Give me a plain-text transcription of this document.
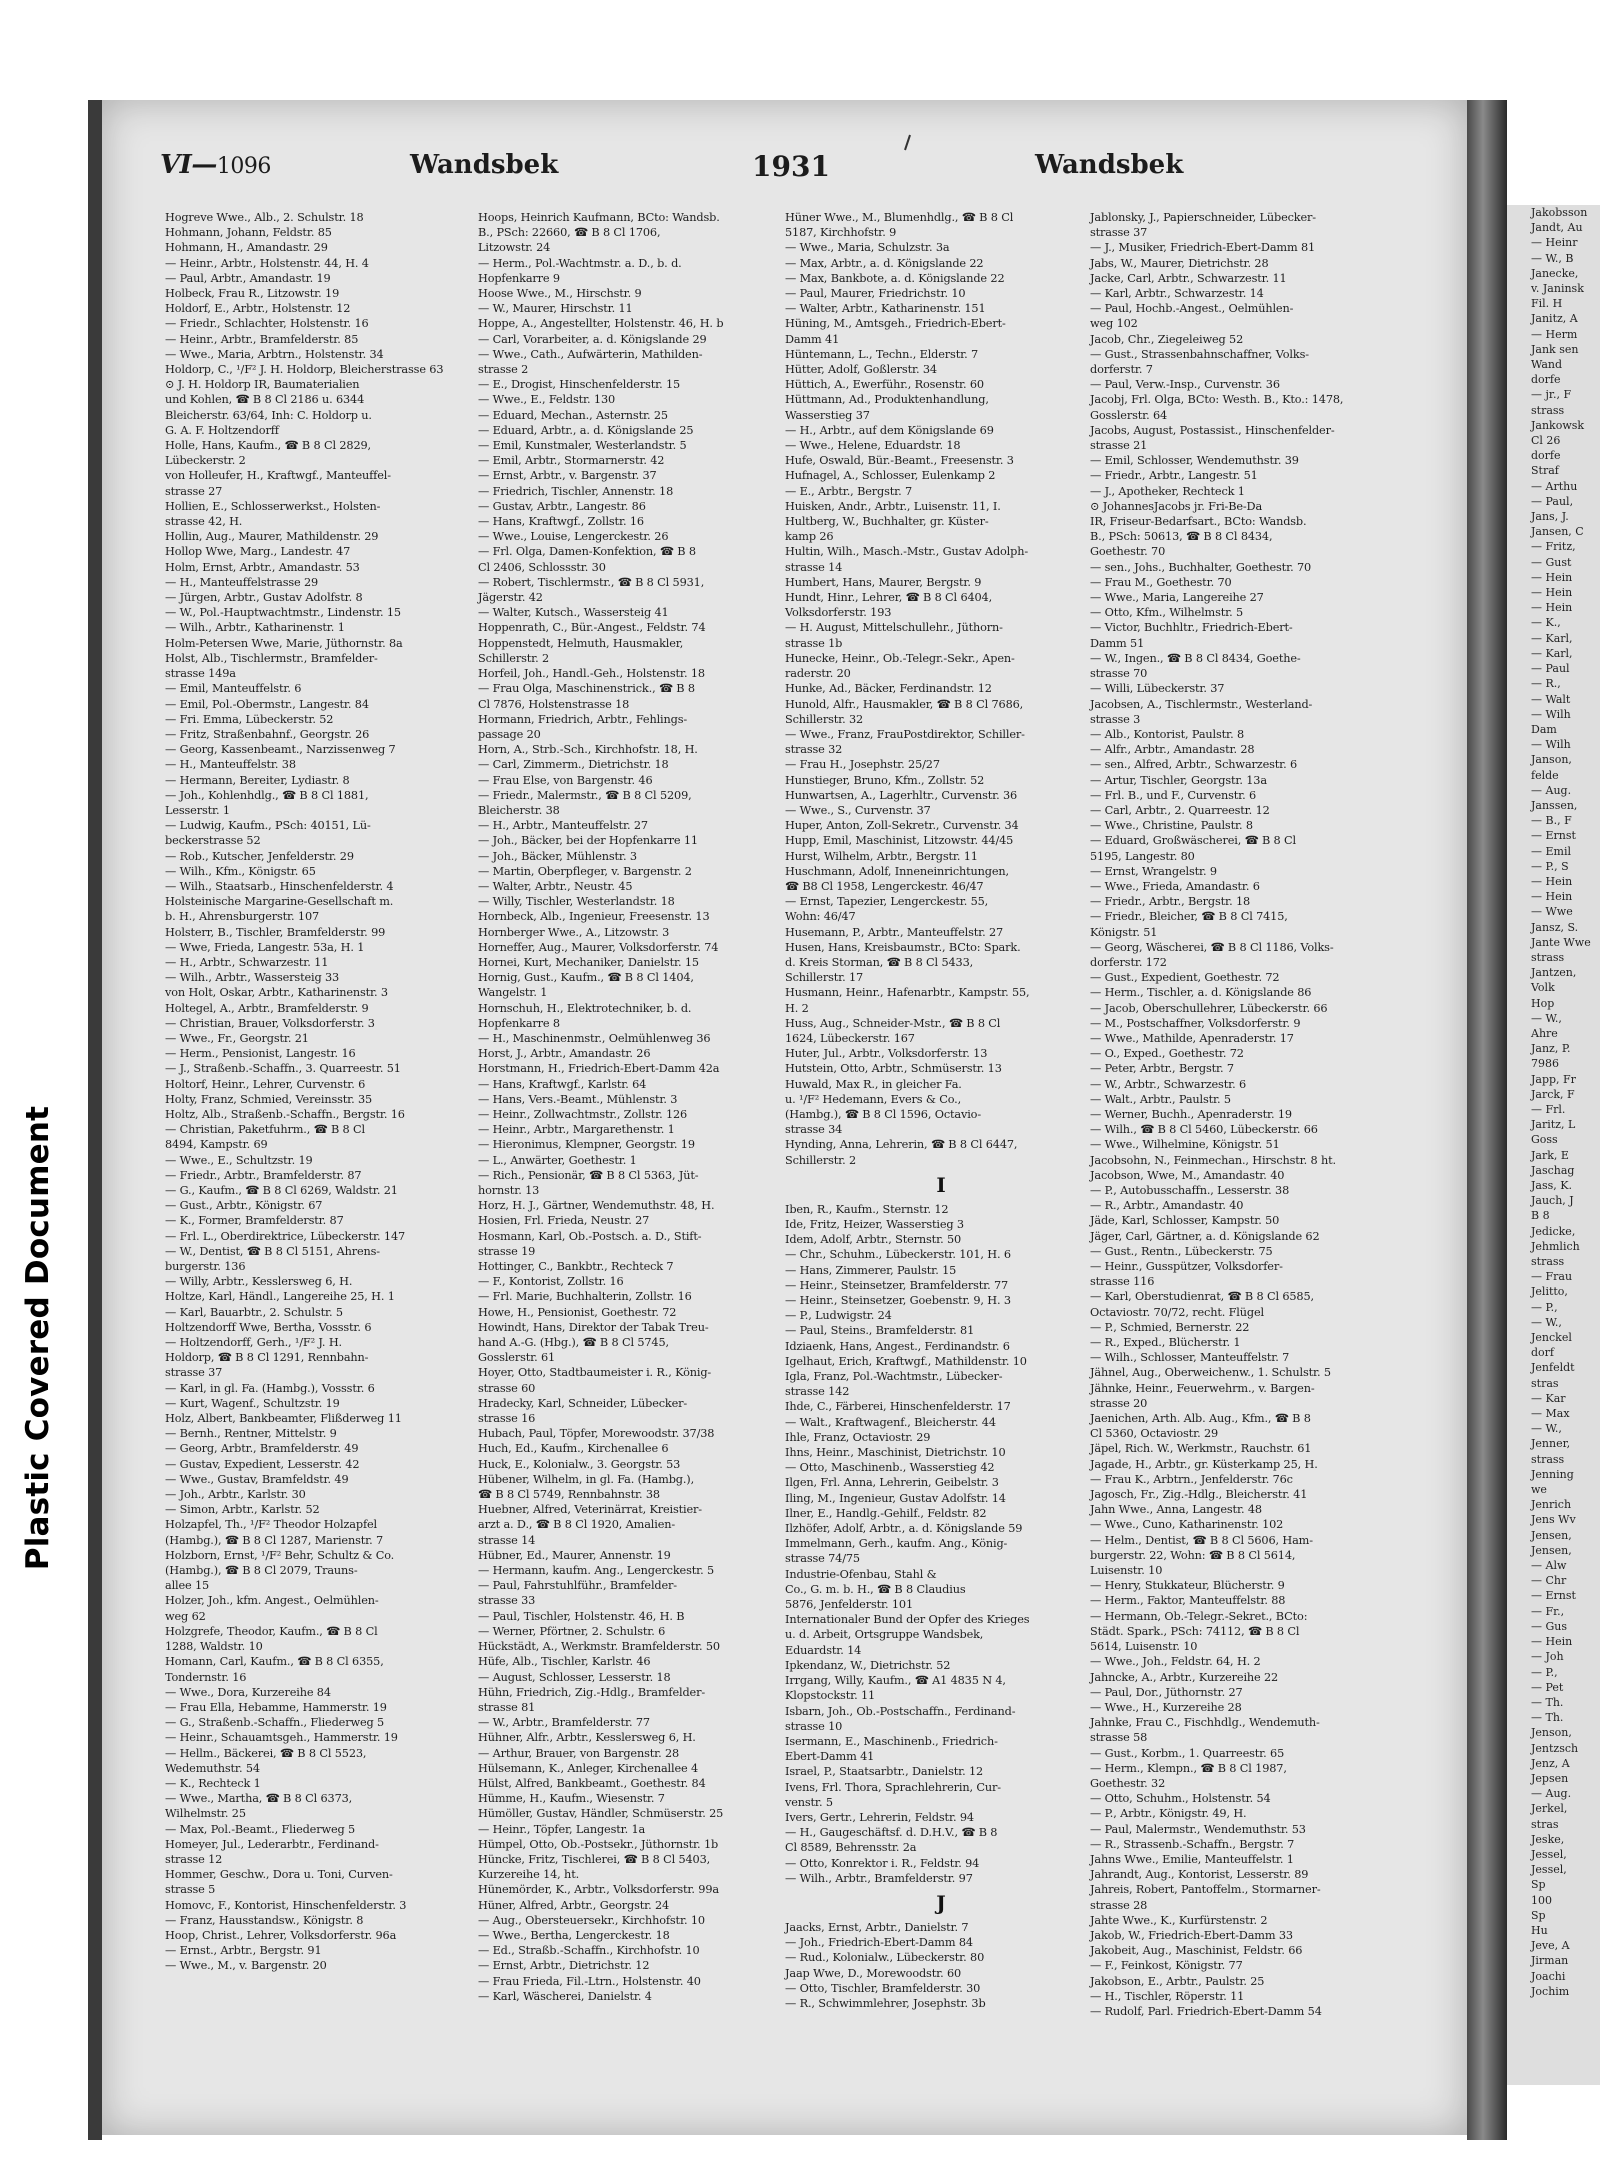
Jakobsson
Jandt, Au
— Heinr
— W., B
Janecke,
v. Janinsk
Fil. H
Janitz, A
— Herm
Jank sen
Wand
dorfe
— jr., F
strass
Jankowsk
Cl 26
dorfe
Straf
— Arthu
— Paul,
Jans, J.
Jansen, C
— Fritz,
— Gust
— Hein
— Hein
— Hein
— K.,
— Karl,
— Karl,
— Paul
— R.,
— Walt
— Wilh
Dam
— Wilh
Janson,
felde
— Aug.
Janssen,
— B., F
— Ernst
— Emil
— P., S
— Hein
— Hein
— Wwe
Jansz, S.
Jante Wwe
strass
Jantzen,
Volk
Hop
— W.,
Ahre
Janz, P.
7986
Japp, Fr
Jarck, F
— Frl.
Jaritz, L
Goss
Jark, E
Jaschag
Jass, K.
Jauch, J
B 8
Jedicke,
Jehmlich
strass
— Frau
Jelitto,
— P.,
— W.,
Jenckel
dorf
Jenfeldt
stras
— Kar
— Max
— W.,
Jenner,
strass
Jenning
we
Jenrich
Jens Wv
Jensen,
Jensen,
— Alw
— Chr
— Ernst
— Fr.,
— Gus
— Hein
— Joh
— P.,
— Pet
— Th.
— Th.
Jenson,
Jentzsch
Jenz, A
Jepsen
— Aug.
Jerkel,
stras
Jeske,
Jessel,
Jessel,
Sp
100
Sp
Hu
Jeve, A
Jirman
Joachi
Jochim
Plastic Covered Document
VI—1096	Wandsbek	1931	Wandsbek
Hogreve Wwe., Alb., 2. Schulstr. 18
Hohmann, Johann, Feldstr. 85
Hohmann, H., Amandastr. 29
— Heinr., Arbtr., Holstenstr. 44, H. 4
— Paul, Arbtr., Amandastr. 19
Holbeck, Frau R., Litzowstr. 19
Holdorf, E., Arbtr., Holstenstr. 12
— Friedr., Schlachter, Holstenstr. 16
— Heinr., Arbtr., Bramfelderstr. 85
— Wwe., Maria, Arbtrn., Holstenstr. 34
Holdorp, C., ¹/F² J. H. Holdorp, Bleicherstrasse 63
⊙ J. H. Holdorp IR, Baumaterialien
und Kohlen, ☎ B 8 Cl 2186 u. 6344
Bleicherstr. 63/64, Inh: C. Holdorp u.
G. A. F. Holtzendorff
Holle, Hans, Kaufm., ☎ B 8 Cl 2829,
Lübeckerstr. 2
von Holleufer, H., Kraftwgf., Manteuffel-
strasse 27
Hollien, E., Schlosserwerkst., Holsten-
strasse 42, H.
Hollin, Aug., Maurer, Mathildenstr. 29
Hollop Wwe, Marg., Landestr. 47
Holm, Ernst, Arbtr., Amandastr. 53
— H., Manteuffelstrasse 29
— Jürgen, Arbtr., Gustav Adolfstr. 8
— W., Pol.-Hauptwachtmstr., Lindenstr. 15
— Wilh., Arbtr., Katharinenstr. 1
Holm-Petersen Wwe, Marie, Jüthornstr. 8a
Holst, Alb., Tischlermstr., Bramfelder-
strasse 149a
— Emil, Manteuffelstr. 6
— Emil, Pol.-Obermstr., Langestr. 84
— Fri. Emma, Lübeckerstr. 52
— Fritz, Straßenbahnf., Georgstr. 26
— Georg, Kassenbeamt., Narzissenweg 7
— H., Manteuffelstr. 38
— Hermann, Bereiter, Lydiastr. 8
— Joh., Kohlenhdlg., ☎ B 8 Cl 1881,
Lesserstr. 1
— Ludwig, Kaufm., PSch: 40151, Lü-
beckerstrasse 52
— Rob., Kutscher, Jenfelderstr. 29
— Wilh., Kfm., Königstr. 65
— Wilh., Staatsarb., Hinschenfelderstr. 4
Holsteinische Margarine-Gesellschaft m.
b. H., Ahrensburgerstr. 107
Holsterr, B., Tischler, Bramfelderstr. 99
— Wwe, Frieda, Langestr. 53a, H. 1
— H., Arbtr., Schwarzestr. 11
— Wilh., Arbtr., Wassersteig 33
von Holt, Oskar, Arbtr., Katharinenstr. 3
Holtegel, A., Arbtr., Bramfelderstr. 9
— Christian, Brauer, Volksdorferstr. 3
— Wwe., Fr., Georgstr. 21
— Herm., Pensionist, Langestr. 16
— J., Straßenb.-Schaffn., 3. Quarreestr. 51
Holtorf, Heinr., Lehrer, Curvenstr. 6
Holty, Franz, Schmied, Vereinsstr. 35
Holtz, Alb., Straßenb.-Schaffn., Bergstr. 16
— Christian, Paketfuhrm., ☎ B 8 Cl
8494, Kampstr. 69
— Wwe., E., Schultzstr. 19
— Friedr., Arbtr., Bramfelderstr. 87
— G., Kaufm., ☎ B 8 Cl 6269, Waldstr. 21
— Gust., Arbtr., Königstr. 67
— K., Former, Bramfelderstr. 87
— Frl. L., Oberdirektrice, Lübeckerstr. 147
— W., Dentist, ☎ B 8 Cl 5151, Ahrens-
burgerstr. 136
— Willy, Arbtr., Kesslersweg 6, H.
Holtze, Karl, Händl., Langereihe 25, H. 1
— Karl, Bauarbtr., 2. Schulstr. 5
Holtzendorff Wwe, Bertha, Vossstr. 6
— Holtzendorff, Gerh., ¹/F² J. H.
Holdorp, ☎ B 8 Cl 1291, Rennbahn-
strasse 37
— Karl, in gl. Fa. (Hambg.), Vossstr. 6
— Kurt, Wagenf., Schultzstr. 19
Holz, Albert, Bankbeamter, Flißderweg 11
— Bernh., Rentner, Mittelstr. 9
— Georg, Arbtr., Bramfelderstr. 49
— Gustav, Expedient, Lesserstr. 42
— Wwe., Gustav, Bramfeldstr. 49
— Joh., Arbtr., Karlstr. 30
— Simon, Arbtr., Karlstr. 52
Holzapfel, Th., ¹/F² Theodor Holzapfel
(Hambg.), ☎ B 8 Cl 1287, Marienstr. 7
Holzborn, Ernst, ¹/F² Behr, Schultz & Co.
(Hambg.), ☎ B 8 Cl 2079, Trauns-
allee 15
Holzer, Joh., kfm. Angest., Oelmühlen-
weg 62
Holzgrefe, Theodor, Kaufm., ☎ B 8 Cl
1288, Waldstr. 10
Homann, Carl, Kaufm., ☎ B 8 Cl 6355,
Tondernstr. 16
— Wwe., Dora, Kurzereihe 84
— Frau Ella, Hebamme, Hammerstr. 19
— G., Straßenb.-Schaffn., Fliederweg 5
— Heinr., Schauamtsgeh., Hammerstr. 19
— Hellm., Bäckerei, ☎ B 8 Cl 5523,
Wedemuthstr. 54
— K., Rechteck 1
— Wwe., Martha, ☎ B 8 Cl 6373,
Wilhelmstr. 25
— Max, Pol.-Beamt., Fliederweg 5
Homeyer, Jul., Lederarbtr., Ferdinand-
strasse 12
Hommer, Geschw., Dora u. Toni, Curven-
strasse 5
Homovc, F., Kontorist, Hinschenfelderstr. 3
— Franz, Hausstandsw., Königstr. 8
Hoop, Christ., Lehrer, Volksdorferstr. 96a
— Ernst., Arbtr., Bergstr. 91
— Wwe., M., v. Bargenstr. 20
Hoops, Heinrich Kaufmann, BCto: Wandsb.
B., PSch: 22660, ☎ B 8 Cl 1706,
Litzowstr. 24
— Herm., Pol.-Wachtmstr. a. D., b. d.
Hopfenkarre 9
Hoose Wwe., M., Hirschstr. 9
— W., Maurer, Hirschstr. 11
Hoppe, A., Angestellter, Holstenstr. 46, H. b
— Carl, Vorarbeiter, a. d. Königslande 29
— Wwe., Cath., Aufwärterin, Mathilden-
strasse 2
— E., Drogist, Hinschenfelderstr. 15
— Wwe., E., Feldstr. 130
— Eduard, Mechan., Asternstr. 25
— Eduard, Arbtr., a. d. Königslande 25
— Emil, Kunstmaler, Westerlandstr. 5
— Emil, Arbtr., Stormarnerstr. 42
— Ernst, Arbtr., v. Bargenstr. 37
— Friedrich, Tischler, Annenstr. 18
— Gustav, Arbtr., Langestr. 86
— Hans, Kraftwgf., Zollstr. 16
— Wwe., Louise, Lengerckestr. 26
— Frl. Olga, Damen-Konfektion, ☎ B 8
Cl 2406, Schlossstr. 30
— Robert, Tischlermstr., ☎ B 8 Cl 5931,
Jägerstr. 42
— Walter, Kutsch., Wassersteig 41
Hoppenrath, C., Bür.-Angest., Feldstr. 74
Hoppenstedt, Helmuth, Hausmakler,
Schillerstr. 2
Horfeil, Joh., Handl.-Geh., Holstenstr. 18
— Frau Olga, Maschinenstrick., ☎ B 8
Cl 7876, Holstenstrasse 18
Hormann, Friedrich, Arbtr., Fehlings-
passage 20
Horn, A., Strb.-Sch., Kirchhofstr. 18, H.
— Carl, Zimmerm., Dietrichstr. 18
— Frau Else, von Bargenstr. 46
— Friedr., Malermstr., ☎ B 8 Cl 5209,
Bleicherstr. 38
— H., Arbtr., Manteuffelstr. 27
— Joh., Bäcker, bei der Hopfenkarre 11
— Joh., Bäcker, Mühlenstr. 3
— Martin, Oberpfleger, v. Bargenstr. 2
— Walter, Arbtr., Neustr. 45
— Willy, Tischler, Westerlandstr. 18
Hornbeck, Alb., Ingenieur, Freesenstr. 13
Hornberger Wwe., A., Litzowstr. 3
Horneffer, Aug., Maurer, Volksdorferstr. 74
Hornei, Kurt, Mechaniker, Danielstr. 15
Hornig, Gust., Kaufm., ☎ B 8 Cl 1404,
Wangelstr. 1
Hornschuh, H., Elektrotechniker, b. d.
Hopfenkarre 8
— H., Maschinenmstr., Oelmühlenweg 36
Horst, J., Arbtr., Amandastr. 26
Horstmann, H., Friedrich-Ebert-Damm 42a
— Hans, Kraftwgf., Karlstr. 64
— Hans, Vers.-Beamt., Mühlenstr. 3
— Heinr., Zollwachtmstr., Zollstr. 126
— Heinr., Arbtr., Margarethenstr. 1
— Hieronimus, Klempner, Georgstr. 19
— L., Anwärter, Goethestr. 1
— Rich., Pensionär, ☎ B 8 Cl 5363, Jüt-
hornstr. 13
Horz, H. J., Gärtner, Wendemuthstr. 48, H.
Hosien, Frl. Frieda, Neustr. 27
Hosmann, Karl, Ob.-Postsch. a. D., Stift-
strasse 19
Hottinger, C., Bankbtr., Rechteck 7
— F., Kontorist, Zollstr. 16
— Frl. Marie, Buchhalterin, Zollstr. 16
Howe, H., Pensionist, Goethestr. 72
Howindt, Hans, Direktor der Tabak Treu-
hand A.-G. (Hbg.), ☎ B 8 Cl 5745,
Gosslerstr. 61
Hoyer, Otto, Stadtbaumeister i. R., König-
strasse 60
Hradecky, Karl, Schneider, Lübecker-
strasse 16
Hubach, Paul, Töpfer, Morewoodstr. 37/38
Huch, Ed., Kaufm., Kirchenallee 6
Huck, E., Kolonialw., 3. Georgstr. 53
Hübener, Wilhelm, in gl. Fa. (Hambg.),
☎ B 8 Cl 5749, Rennbahnstr. 38
Huebner, Alfred, Veterinärrat, Kreistier-
arzt a. D., ☎ B 8 Cl 1920, Amalien-
strasse 14
Hübner, Ed., Maurer, Annenstr. 19
— Hermann, kaufm. Ang., Lengerckestr. 5
— Paul, Fahrstuhlführ., Bramfelder-
strasse 33
— Paul, Tischler, Holstenstr. 46, H. B
— Werner, Pförtner, 2. Schulstr. 6
Hückstädt, A., Werkmstr. Bramfelderstr. 50
Hüfe, Alb., Tischler, Karlstr. 46
— August, Schlosser, Lesserstr. 18
Hühn, Friedrich, Zig.-Hdlg., Bramfelder-
strasse 81
— W., Arbtr., Bramfelderstr. 77
Hühner, Alfr., Arbtr., Kesslersweg 6, H.
— Arthur, Brauer, von Bargenstr. 28
Hülsemann, K., Anleger, Kirchenallee 4
Hülst, Alfred, Bankbeamt., Goethestr. 84
Hümme, H., Kaufm., Wiesenstr. 7
Hümöller, Gustav, Händler, Schmüserstr. 25
— Heinr., Töpfer, Langestr. 1a
Hümpel, Otto, Ob.-Postsekr., Jüthornstr. 1b
Hüncke, Fritz, Tischlerei, ☎ B 8 Cl 5403,
Kurzereihe 14, ht.
Hünemörder, K., Arbtr., Volksdorferstr. 99a
Hüner, Alfred, Arbtr., Georgstr. 24
— Aug., Obersteuersekr., Kirchhofstr. 10
— Wwe., Bertha, Lengerckestr. 18
— Ed., Straßb.-Schaffn., Kirchhofstr. 10
— Ernst, Arbtr., Dietrichstr. 12
— Frau Frieda, Fil.-Ltrn., Holstenstr. 40
— Karl, Wäscherei, Danielstr. 4
Hüner Wwe., M., Blumenhdlg., ☎ B 8 Cl
5187, Kirchhofstr. 9
— Wwe., Maria, Schulzstr. 3a
— Max, Arbtr., a. d. Königslande 22
— Max, Bankbote, a. d. Königslande 22
— Paul, Maurer, Friedrichstr. 10
— Walter, Arbtr., Katharinenstr. 151
Hüning, M., Amtsgeh., Friedrich-Ebert-
Damm 41
Hüntemann, L., Techn., Elderstr. 7
Hütter, Adolf, Goßlerstr. 34
Hüttich, A., Ewerführ., Rosenstr. 60
Hüttmann, Ad., Produktenhandlung,
Wasserstieg 37
— H., Arbtr., auf dem Königslande 69
— Wwe., Helene, Eduardstr. 18
Hufe, Oswald, Bür.-Beamt., Freesenstr. 3
Hufnagel, A., Schlosser, Eulenkamp 2
— E., Arbtr., Bergstr. 7
Huisken, Andr., Arbtr., Luisenstr. 11, I.
Hultberg, W., Buchhalter, gr. Küster-
kamp 26
Hultin, Wilh., Masch.-Mstr., Gustav Adolph-
strasse 14
Humbert, Hans, Maurer, Bergstr. 9
Hundt, Hinr., Lehrer, ☎ B 8 Cl 6404,
Volksdorferstr. 193
— H. August, Mittelschullehr., Jüthorn-
strasse 1b
Hunecke, Heinr., Ob.-Telegr.-Sekr., Apen-
raderstr. 20
Hunke, Ad., Bäcker, Ferdinandstr. 12
Hunold, Alfr., Hausmakler, ☎ B 8 Cl 7686,
Schillerstr. 32
— Wwe., Franz, FrauPostdirektor, Schiller-
strasse 32
— Frau H., Josephstr. 25/27
Hunstieger, Bruno, Kfm., Zollstr. 52
Hunwartsen, A., Lagerhltr., Curvenstr. 36
— Wwe., S., Curvenstr. 37
Huper, Anton, Zoll-Sekretr., Curvenstr. 34
Hupp, Emil, Maschinist, Litzowstr. 44/45
Hurst, Wilhelm, Arbtr., Bergstr. 11
Huschmann, Adolf, Inneneinrichtungen,
☎ B8 Cl 1958, Lengerckestr. 46/47
— Ernst, Tapezier, Lengerckestr. 55,
Wohn: 46/47
Husemann, P., Arbtr., Manteuffelstr. 27
Husen, Hans, Kreisbaumstr., BCto: Spark.
d. Kreis Storman, ☎ B 8 Cl 5433,
Schillerstr. 17
Husmann, Heinr., Hafenarbtr., Kampstr. 55,
H. 2
Huss, Aug., Schneider-Mstr., ☎ B 8 Cl
1624, Lübeckerstr. 167
Huter, Jul., Arbtr., Volksdorferstr. 13
Hutstein, Otto, Arbtr., Schmüserstr. 13
Huwald, Max R., in gleicher Fa.
u. ¹/F² Hedemann, Evers & Co.,
(Hambg.), ☎ B 8 Cl 1596, Octavio-
strasse 34
Hynding, Anna, Lehrerin, ☎ B 8 Cl 6447,
Schillerstr. 2
I
Iben, R., Kaufm., Sternstr. 12
Ide, Fritz, Heizer, Wasserstieg 3
Idem, Adolf, Arbtr., Sternstr. 50
— Chr., Schuhm., Lübeckerstr. 101, H. 6
— Hans, Zimmerer, Paulstr. 15
— Heinr., Steinsetzer, Bramfelderstr. 77
— Heinr., Steinsetzer, Goebenstr. 9, H. 3
— P., Ludwigstr. 24
— Paul, Steins., Bramfelderstr. 81
Idziaenk, Hans, Angest., Ferdinandstr. 6
Igelhaut, Erich, Kraftwgf., Mathildenstr. 10
Igla, Franz, Pol.-Wachtmstr., Lübecker-
strasse 142
Ihde, C., Färberei, Hinschenfelderstr. 17
— Walt., Kraftwagenf., Bleicherstr. 44
Ihle, Franz, Octaviostr. 29
Ihns, Heinr., Maschinist, Dietrichstr. 10
— Otto, Maschinenb., Wasserstieg 42
Ilgen, Frl. Anna, Lehrerin, Geibelstr. 3
Iling, M., Ingenieur, Gustav Adolfstr. 14
Ilner, E., Handlg.-Gehilf., Feldstr. 82
Ilzhöfer, Adolf, Arbtr., a. d. Königslande 59
Immelmann, Gerh., kaufm. Ang., König-
strasse 74/75
Industrie-Ofenbau, Stahl &
Co., G. m. b. H., ☎ B 8 Claudius
5876, Jenfelderstr. 101
Internationaler Bund der Opfer des Krieges
u. d. Arbeit, Ortsgruppe Wandsbek,
Eduardstr. 14
Ipkendanz, W., Dietrichstr. 52
Irrgang, Willy, Kaufm., ☎ A1 4835 N 4,
Klopstockstr. 11
Isbarn, Joh., Ob.-Postschaffn., Ferdinand-
strasse 10
Isermann, E., Maschinenb., Friedrich-
Ebert-Damm 41
Israel, P., Staatsarbtr., Danielstr. 12
Ivens, Frl. Thora, Sprachlehrerin, Cur-
venstr. 5
Ivers, Gertr., Lehrerin, Feldstr. 94
— H., Gaugeschäftsf. d. D.H.V., ☎ B 8
Cl 8589, Behrensstr. 2a
— Otto, Konrektor i. R., Feldstr. 94
— Wilh., Arbtr., Bramfelderstr. 97
J
Jaacks, Ernst, Arbtr., Danielstr. 7
— Joh., Friedrich-Ebert-Damm 84
— Rud., Kolonialw., Lübeckerstr. 80
Jaap Wwe, D., Morewoodstr. 60
— Otto, Tischler, Bramfelderstr. 30
— R., Schwimmlehrer, Josephstr. 3b
Jablonsky, J., Papierschneider, Lübecker-
strasse 37
— J., Musiker, Friedrich-Ebert-Damm 81
Jabs, W., Maurer, Dietrichstr. 28
Jacke, Carl, Arbtr., Schwarzestr. 11
— Karl, Arbtr., Schwarzestr. 14
— Paul, Hochb.-Angest., Oelmühlen-
weg 102
Jacob, Chr., Ziegeleiweg 52
— Gust., Strassenbahnschaffner, Volks-
dorferstr. 7
— Paul, Verw.-Insp., Curvenstr. 36
Jacobj, Frl. Olga, BCto: Westh. B., Kto.: 1478,
Gosslerstr. 64
Jacobs, August, Postassist., Hinschenfelder-
strasse 21
— Emil, Schlosser, Wendemuthstr. 39
— Friedr., Arbtr., Langestr. 51
— J., Apotheker, Rechteck 1
⊙ JohannesJacobs jr. Fri-Be-Da
IR, Friseur-Bedarfsart., BCto: Wandsb.
B., PSch: 50613, ☎ B 8 Cl 8434,
Goethestr. 70
— sen., Johs., Buchhalter, Goethestr. 70
— Frau M., Goethestr. 70
— Wwe., Maria, Langereihe 27
— Otto, Kfm., Wilhelmstr. 5
— Victor, Buchhltr., Friedrich-Ebert-
Damm 51
— W., Ingen., ☎ B 8 Cl 8434, Goethe-
strasse 70
— Willi, Lübeckerstr. 37
Jacobsen, A., Tischlermstr., Westerland-
strasse 3
— Alb., Kontorist, Paulstr. 8
— Alfr., Arbtr., Amandastr. 28
— sen., Alfred, Arbtr., Schwarzestr. 6
— Artur, Tischler, Georgstr. 13a
— Frl. B., und F., Curvenstr. 6
— Carl, Arbtr., 2. Quarreestr. 12
— Wwe., Christine, Paulstr. 8
— Eduard, Großwäscherei, ☎ B 8 Cl
5195, Langestr. 80
— Ernst, Wrangelstr. 9
— Wwe., Frieda, Amandastr. 6
— Friedr., Arbtr., Bergstr. 18
— Friedr., Bleicher, ☎ B 8 Cl 7415,
Königstr. 51
— Georg, Wäscherei, ☎ B 8 Cl 1186, Volks-
dorferstr. 172
— Gust., Expedient, Goethestr. 72
— Herm., Tischler, a. d. Königslande 86
— Jacob, Oberschullehrer, Lübeckerstr. 66
— M., Postschaffner, Volksdorferstr. 9
— Wwe., Mathilde, Apenraderstr. 17
— O., Exped., Goethestr. 72
— Peter, Arbtr., Bergstr. 7
— W., Arbtr., Schwarzestr. 6
— Walt., Arbtr., Paulstr. 5
— Werner, Buchh., Apenraderstr. 19
— Wilh., ☎ B 8 Cl 5460, Lübeckerstr. 66
— Wwe., Wilhelmine, Königstr. 51
Jacobsohn, N., Feinmechan., Hirschstr. 8 ht.
Jacobson, Wwe, M., Amandastr. 40
— P., Autobusschaffn., Lesserstr. 38
— R., Arbtr., Amandastr. 40
Jäde, Karl, Schlosser, Kampstr. 50
Jäger, Carl, Gärtner, a. d. Königslande 62
— Gust., Rentn., Lübeckerstr. 75
— Heinr., Gusspützer, Volksdorfer-
strasse 116
— Karl, Oberstudienrat, ☎ B 8 Cl 6585,
Octaviostr. 70/72, recht. Flügel
— P., Schmied, Bernerstr. 22
— R., Exped., Blücherstr. 1
— Wilh., Schlosser, Manteuffelstr. 7
Jähnel, Aug., Oberweichenw., 1. Schulstr. 5
Jähnke, Heinr., Feuerwehrm., v. Bargen-
strasse 20
Jaenichen, Arth. Alb. Aug., Kfm., ☎ B 8
Cl 5360, Octaviostr. 29
Jäpel, Rich. W., Werkmstr., Rauchstr. 61
Jagade, H., Arbtr., gr. Küsterkamp 25, H.
— Frau K., Arbtrn., Jenfelderstr. 76c
Jagosch, Fr., Zig.-Hdlg., Bleicherstr. 41
Jahn Wwe., Anna, Langestr. 48
— Wwe., Cuno, Katharinenstr. 102
— Helm., Dentist, ☎ B 8 Cl 5606, Ham-
burgerstr. 22, Wohn: ☎ B 8 Cl 5614,
Luisenstr. 10
— Henry, Stukkateur, Blücherstr. 9
— Herm., Faktor, Manteuffelstr. 88
— Hermann, Ob.-Telegr.-Sekret., BCto:
Städt. Spark., PSch: 74112, ☎ B 8 Cl
5614, Luisenstr. 10
— Wwe., Joh., Feldstr. 64, H. 2
Jahncke, A., Arbtr., Kurzereihe 22
— Paul, Dor., Jüthornstr. 27
— Wwe., H., Kurzereihe 28
Jahnke, Frau C., Fischhdlg., Wendemuth-
strasse 58
— Gust., Korbm., 1. Quarreestr. 65
— Herm., Klempn., ☎ B 8 Cl 1987,
Goethestr. 32
— Otto, Schuhm., Holstenstr. 54
— P., Arbtr., Königstr. 49, H.
— Paul, Malermstr., Wendemuthstr. 53
— R., Strassenb.-Schaffn., Bergstr. 7
Jahns Wwe., Emilie, Manteuffelstr. 1
Jahrandt, Aug., Kontorist, Lesserstr. 89
Jahreis, Robert, Pantoffelm., Stormarner-
strasse 28
Jahte Wwe., K., Kurfürstenstr. 2
Jakob, W., Friedrich-Ebert-Damm 33
Jakobeit, Aug., Maschinist, Feldstr. 66
— F., Feinkost, Königstr. 77
Jakobson, E., Arbtr., Paulstr. 25
— H., Tischler, Röperstr. 11
— Rudolf, Parl. Friedrich-Ebert-Damm 54
